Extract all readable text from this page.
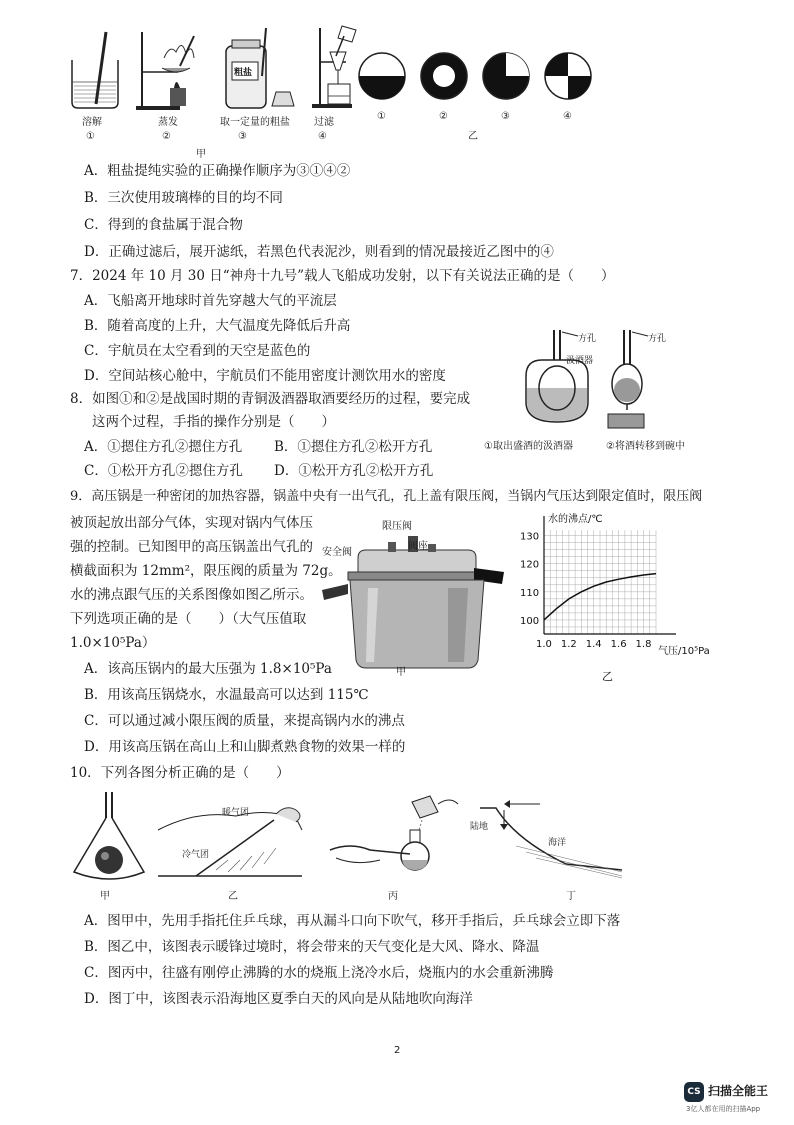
溶解
①
蒸发
②
粗盐
取一定量的粗盐
③
过滤
④
甲
①	②	③	④
乙
A．粗盐提纯实验的正确操作顺序为③①④②
B．三次使用玻璃棒的目的均不同
C．得到的食盐属于混合物
D．正确过滤后，展开滤纸，若黑色代表泥沙，则看到的情况最接近乙图中的④
7．2024 年 10 月 30 日“神舟十九号”载人飞船成功发射，以下有关说法正确的是（　　）
A．飞船离开地球时首先穿越大气的平流层
B．随着高度的上升，大气温度先降低后升高
C．宇航员在太空看到的天空是蓝色的
D．空间站核心舱中，宇航员们不能用密度计测饮用水的密度
方孔	方孔
汲酒器
①取出盛酒的汲酒器	②将酒转移到碗中
8．如图①和②是战国时期的青铜汲酒器取酒要经历的过程，要完成
这两个过程，手指的操作分别是（　　）
A．①摁住方孔②摁住方孔 B．①摁住方孔②松开方孔
C．①松开方孔②摁住方孔 D．①松开方孔②松开方孔
9．高压锅是一种密闭的加热容器，锅盖中央有一出气孔，孔上盖有限压阀，当锅内气压达到限定值时，限压阀
被顶起放出部分气体，实现对锅内气体压
强的控制。已知图甲的高压锅盖出气孔的
横截面积为 12mm²，限压阀的质量为 72g。
水的沸点跟气压的关系图像如图乙所示。
下列选项正确的是（　　）（大气压值取
1.0×10⁵Pa）
A．该高压锅内的最大压强为 1.8×10⁵Pa
B．用该高压锅烧水，水温最高可以达到 115℃
C．可以通过减小限压阀的质量，来提高锅内水的沸点
D．用该高压锅在高山上和山脚煮熟食物的效果一样的
限压阀
安全阀
阀座
甲
水的沸点/℃
气压/10⁵Pa
1.0 1.2 1.4 1.6 1.8
100
110
120
130
乙
10．下列各图分析正确的是（　　）
甲
暖气团
冷气团
乙	丙
陆地
海洋
丁
A．图甲中，先用手指托住乒乓球，再从漏斗口向下吹气，移开手指后，乒乓球会立即下落
B．图乙中，该图表示暖锋过境时，将会带来的天气变化是大风、降水、降温
C．图丙中，往盛有刚停止沸腾的水的烧瓶上浇冷水后，烧瓶内的水会重新沸腾
D．图丁中，该图表示沿海地区夏季白天的风向是从陆地吹向海洋
2
CS 扫描全能王
3亿人都在用的扫描App
